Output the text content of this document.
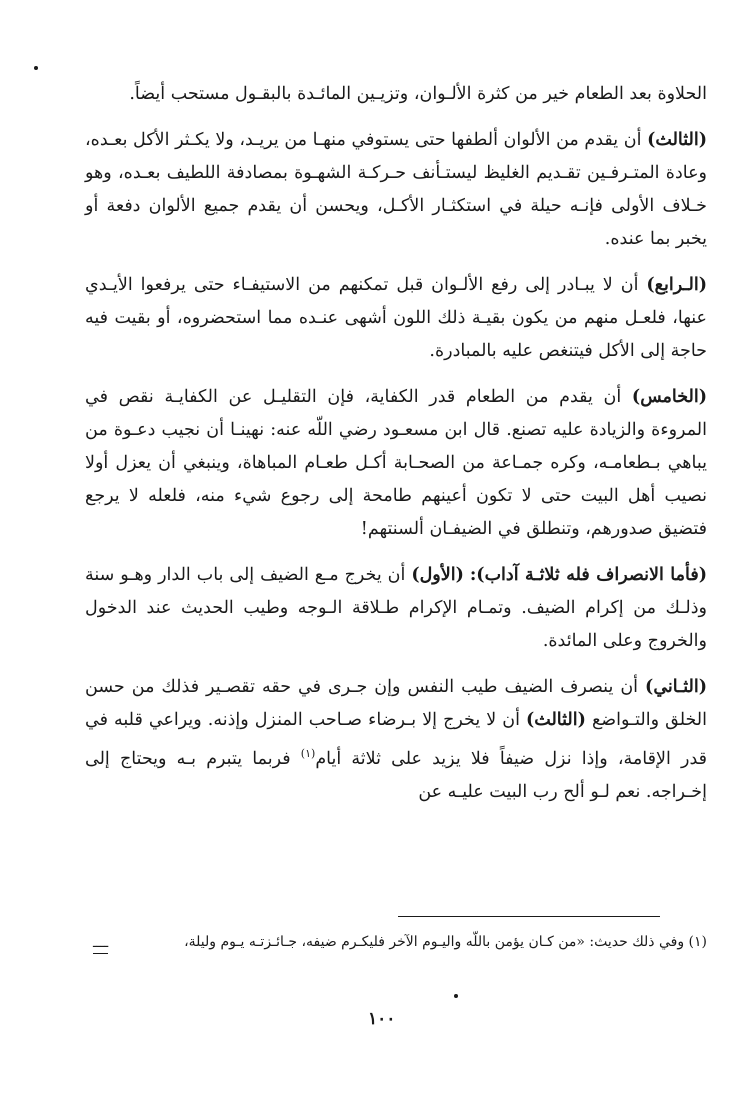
الحلاوة بعد الطعام خير من كثرة الألـوان، وتزيـين المائـدة بالبقـول مستحب أيضاً.

(الثالث) أن يقدم من الألوان ألطفها حتى يستوفي منهـا من يريـد، ولا يكـثر الأكل بعـده، وعادة المتـرفـين تقـديم الغليظ ليستـأنف حـركـة الشهـوة بمصادفة اللطيف بعـده، وهو خـلاف الأولى فإنـه حيلة في استكثـار الأكـل، ويحسن أن يقدم جميع الألوان دفعة أو يخبر بما عنده.

(الـرابع) أن لا يبـادر إلى رفع الألـوان قبل تمكنهم من الاستيفـاء حتى يرفعوا الأيـدي عنها، فلعـل منهم من يكون بقيـة ذلك اللون أشهى عنـده مما استحضروه، أو بقيت فيه حاجة إلى الأكل فيتنغص عليه بالمبادرة.

(الخامس) أن يقدم من الطعام قدر الكفاية، فإن التقليـل عن الكفايـة نقص في المروءة والزيادة عليه تصنع. قال ابن مسعـود رضي اللّه عنه: نهينـا أن نجيب دعـوة من يباهي بـطعامـه، وكره جمـاعة من الصحـابة أكـل طعـام المباهاة، وينبغي أن يعزل أولا نصيب أهل البيت حتى لا تكون أعينهم طامحة إلى رجوع شيء منه، فلعله لا يرجع فتضيق صدورهم، وتنطلق في الضيفـان ألسنتهم!

(فأما الانصراف فله ثلاثـة آداب): (الأول) أن يخرج مـع الضيف إلى باب الدار وهـو سنة وذلـك من إكرام الضيف. وتمـام الإكرام طـلاقة الـوجه وطيب الحديث عند الدخول والخروج وعلى المائدة.

(الثـاني) أن ينصرف الضيف طيب النفس وإن جـرى في حقه تقصـير فذلك من حسن الخلق والتـواضع (الثالث) أن لا يخرج إلا بـرضاء صـاحب المنزل وإذنه. ويراعي قلبه في قدر الإقامة، وإذا نزل ضيفاً فلا يزيد على ثلاثة أيام$^{(١)}$ فربما يتبرم بـه ويحتاج إلى إخـراجه. نعم لـو ألح رب البيت عليـه عن

(١) وفي ذلك حديث: «من كـان يؤمن باللّه واليـوم الآخر فليكـرم ضيفه، جـائـزتـه يـوم وليلة،
ــــ
١٠٠
